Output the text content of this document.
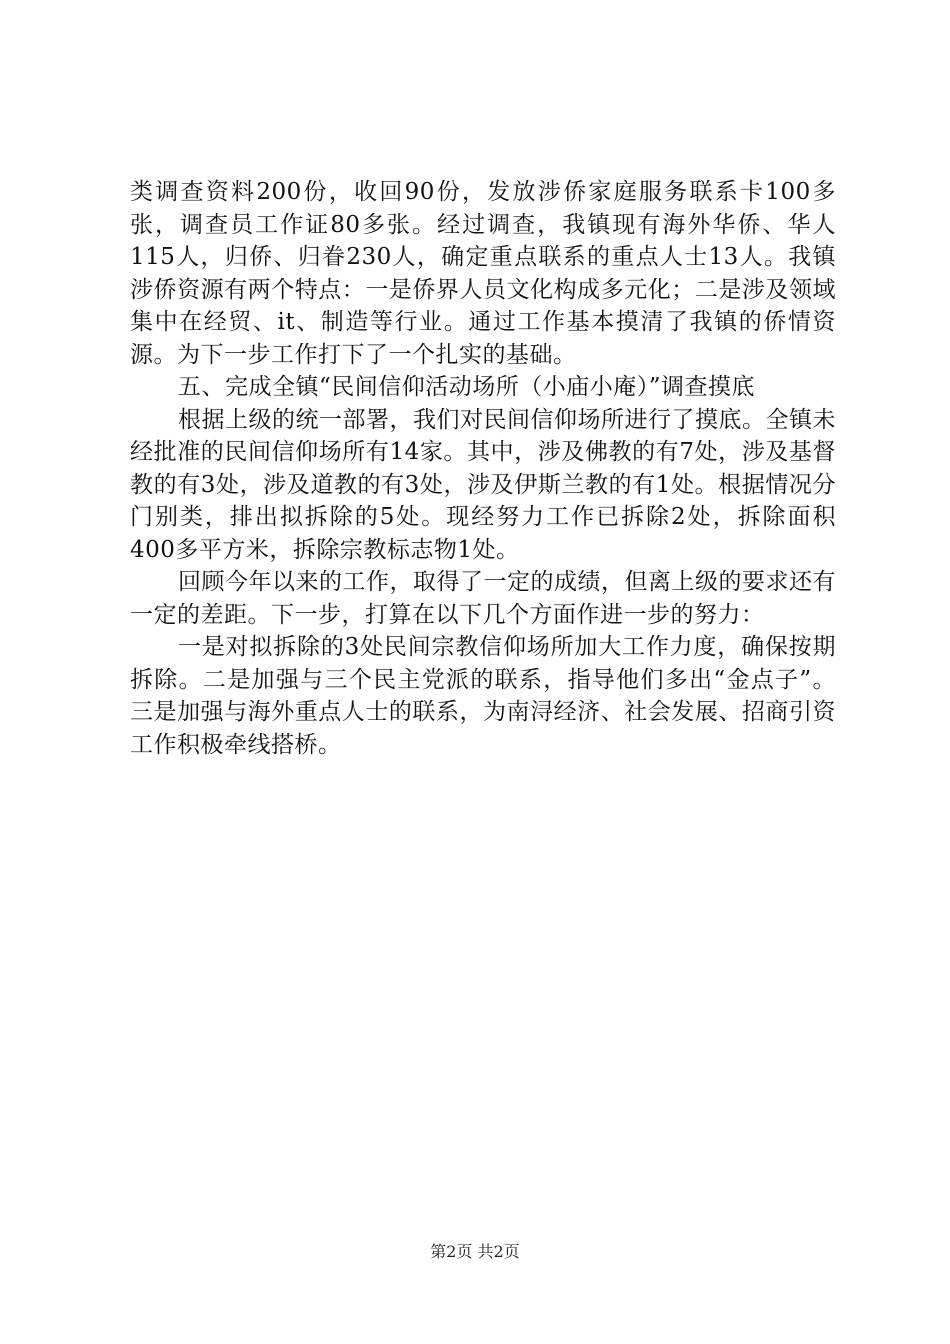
类调查资料200份，收回90份，发放涉侨家庭服务联系卡100多张，调查员工作证80多张。经过调查，我镇现有海外华侨、华人115人，归侨、归眷230人，确定重点联系的重点人士13人。我镇涉侨资源有两个特点：一是侨界人员文化构成多元化；二是涉及领域集中在经贸、it、制造等行业。通过工作基本摸清了我镇的侨情资源。为下一步工作打下了一个扎实的基础。

五、完成全镇“民间信仰活动场所（小庙小庵）”调查摸底

根据上级的统一部署，我们对民间信仰场所进行了摸底。全镇未经批准的民间信仰场所有14家。其中，涉及佛教的有7处，涉及基督教的有3处，涉及道教的有3处，涉及伊斯兰教的有1处。根据情况分门别类，排出拟拆除的5处。现经努力工作已拆除2处，拆除面积400多平方米，拆除宗教标志物1处。

回顾今年以来的工作，取得了一定的成绩，但离上级的要求还有一定的差距。下一步，打算在以下几个方面作进一步的努力：

一是对拟拆除的3处民间宗教信仰场所加大工作力度，确保按期拆除。二是加强与三个民主党派的联系，指导他们多出“金点子”。三是加强与海外重点人士的联系，为南浔经济、社会发展、招商引资工作积极牵线搭桥。

第2页 共2页
